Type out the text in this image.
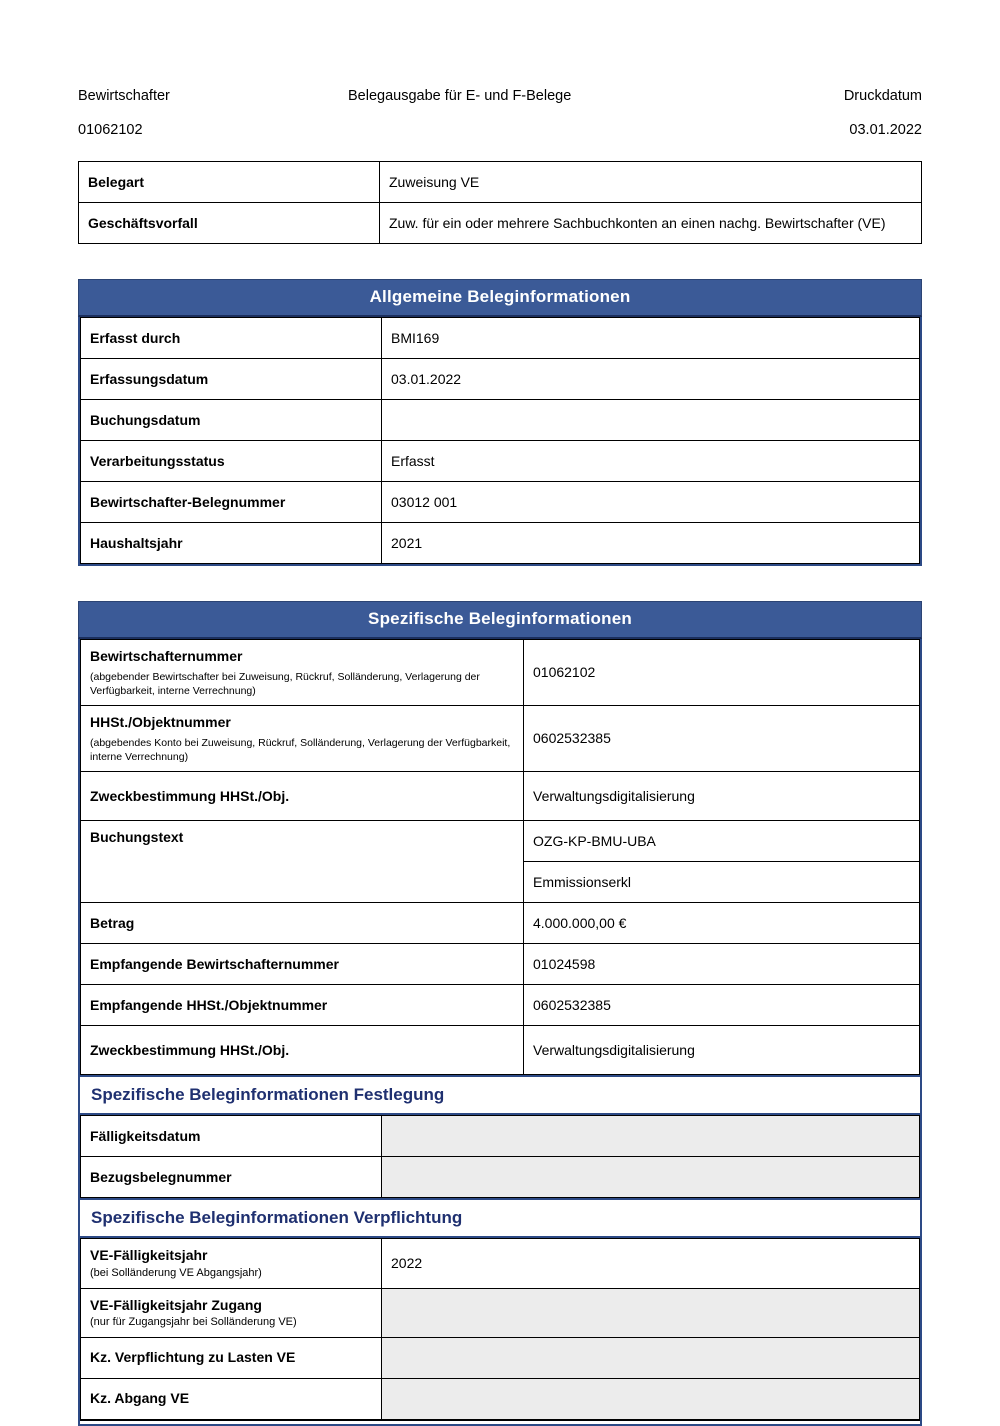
Bewirtschafter	Belegausgabe für E- und F-Belege	Druckdatum
01062102	03.01.2022
Belegart	Zuweisung VE
Geschäftsvorfall	Zuw. für ein oder mehrere Sachbuchkonten an einen nachg. Bewirtschafter (VE)
Allgemeine Beleginformationen
Erfasst durch	BMI169
Erfassungsdatum	03.01.2022
Buchungsdatum	
Verarbeitungsstatus	Erfasst
Bewirtschafter-Belegnummer	03012 001
Haushaltsjahr	2021
Spezifische Beleginformationen
Bewirtschafternummer
(abgebender Bewirtschafter bei Zuweisung, Rückruf, Solländerung, Verlagerung der Verfügbarkeit, interne Verrechnung)	01062102

HHSt./Objektnummer
(abgebendes Konto bei Zuweisung, Rückruf, Solländerung, Verlagerung der Verfügbarkeit, interne Verrechnung)	0602532385
Zweckbestimmung HHSt./Obj.	Verwaltungsdigitalisierung
Buchungstext	OZG-KP-BMU-UBA
	Emmissionserkl
Betrag	4.000.000,00 €
Empfangende Bewirtschafternummer	01024598
Empfangende HHSt./Objektnummer	0602532385
Zweckbestimmung HHSt./Obj.	Verwaltungsdigitalisierung
Spezifische Beleginformationen Festlegung
Fälligkeitsdatum	
Bezugsbelegnummer	
Spezifische Beleginformationen Verpflichtung
VE-Fälligkeitsjahr
(bei Solländerung VE Abgangsjahr)	2022

VE-Fälligkeitsjahr Zugang
(nur für Zugangsjahr bei Solländerung VE)	

Kz. Verpflichtung zu Lasten VE	
Kz. Abgang VE	
